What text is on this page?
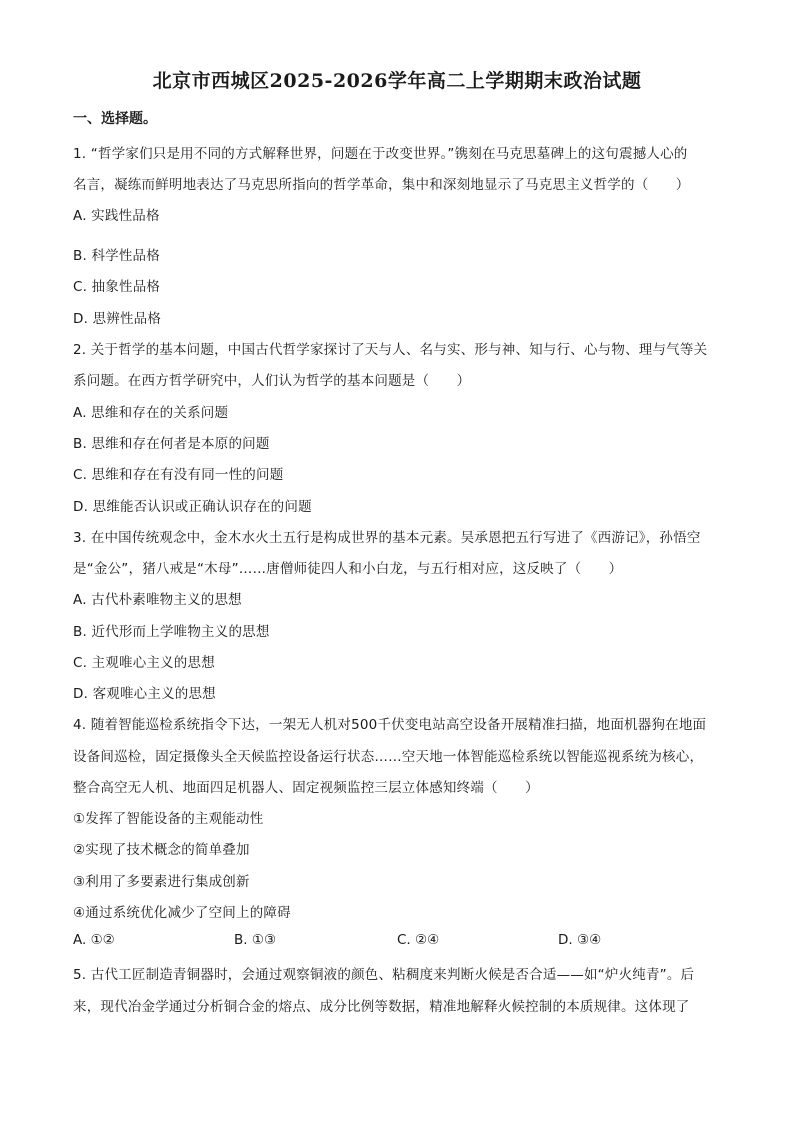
北京市西城区2025-2026学年高二上学期期末政治试题
一、选择题。
1. “哲学家们只是用不同的方式解释世界，问题在于改变世界。”镌刻在马克思墓碑上的这句震撼人心的
名言，凝练而鲜明地表达了马克思所指向的哲学革命，集中和深刻地显示了马克思主义哲学的（　　）
A. 实践性品格
B. 科学性品格
C. 抽象性品格
D. 思辨性品格
2. 关于哲学的基本问题，中国古代哲学家探讨了天与人、名与实、形与神、知与行、心与物、理与气等关
系问题。在西方哲学研究中，人们认为哲学的基本问题是（　　）
A. 思维和存在的关系问题
B. 思维和存在何者是本原的问题
C. 思维和存在有没有同一性的问题
D. 思维能否认识或正确认识存在的问题
3. 在中国传统观念中，金木水火土五行是构成世界的基本元素。吴承恩把五行写进了《西游记》，孙悟空
是“金公”，猪八戒是“木母”……唐僧师徒四人和小白龙，与五行相对应，这反映了（　　）
A. 古代朴素唯物主义的思想
B. 近代形而上学唯物主义的思想
C. 主观唯心主义的思想
D. 客观唯心主义的思想
4. 随着智能巡检系统指令下达，一架无人机对500千伏变电站高空设备开展精准扫描，地面机器狗在地面
设备间巡检，固定摄像头全天候监控设备运行状态……空天地一体智能巡检系统以智能巡视系统为核心，
整合高空无人机、地面四足机器人、固定视频监控三层立体感知终端（　　）
①发挥了智能设备的主观能动性
②实现了技术概念的简单叠加
③利用了多要素进行集成创新
④通过系统优化减少了空间上的障碍
A. ①②	B. ①③	C. ②④	D. ③④
5. 古代工匠制造青铜器时，会通过观察铜液的颜色、粘稠度来判断火候是否合适——如“炉火纯青”。后
来，现代冶金学通过分析铜合金的熔点、成分比例等数据，精准地解释火候控制的本质规律。这体现了
